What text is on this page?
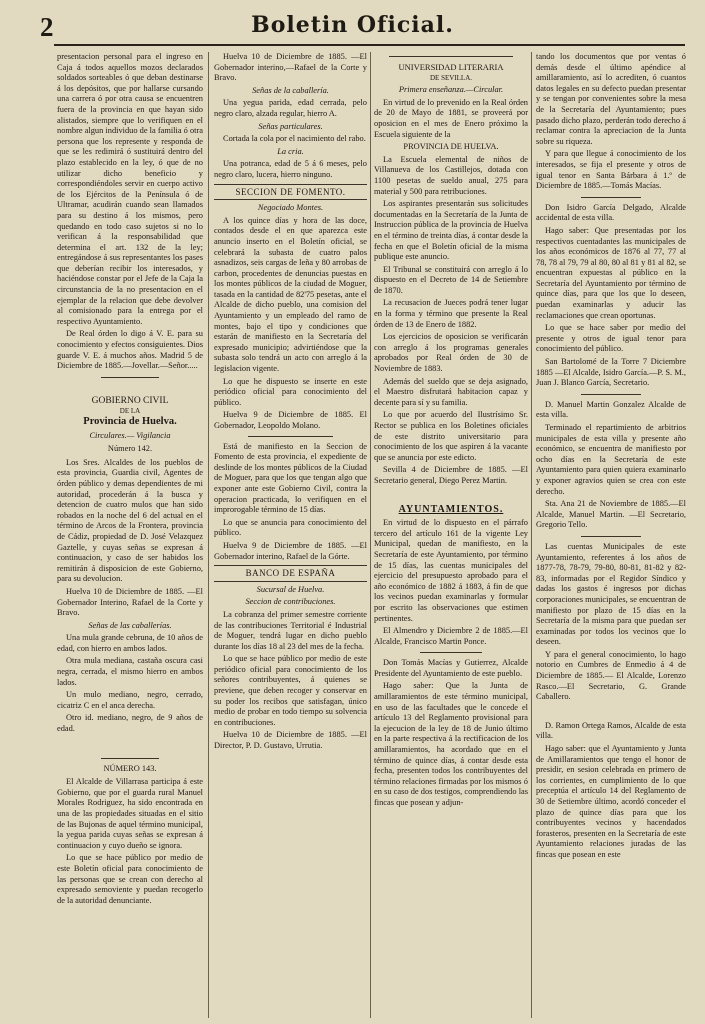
2	Boletin Oficial.

presentacion personal para el ingreso en Caja á todos aquellos mozos declarados soldados sorteables ó que deban destinarse á los depósitos, que por hallarse cursando una carrera ó por otra causa se encuentren fuera de la provincia en que hayan sido alistados, siempre que lo verifiquen en el nombre algun individuo de la familia ó otra persona que los represente y responda de que se les redimirá ó sustituirá dentro del plazo establecido en la ley, ó que de no utilizar dicho beneficio y correspondiéndoles servir en cuerpo activo de los Ejércitos de la Península ó de Ultramar, acudirán cuando sean llamados para su destino á los mismos, pero quedando en todo caso sujetos si no lo verifican á la responsabilidad que determina el art. 132 de la ley; entregándose á sus representantes los pases que deberían recibir los interesados, y haciéndose constar por el Jefe de la Caja la circunstancia de la no presentacion en el ejemplar de la relacion que debe devolver al comisionado para la entrega por el respectivo Ayuntamiento.

De Real órden lo digo á V. E. para su conocimiento y efectos consiguientes. Dios guarde V. E. á muchos años. Madrid 5 de Diciembre de 1885.—Jovellar.—Señor.....

GOBIERNO CIVIL
DE LA
Provincia de Huelva.
Circulares.— Vigilancia
Número 142.

Los Sres. Alcaldes de los pueblos de esta provincia, Guardia civil, Agentes de órden público y demas dependientes de mi autoridad, procederán á la busca y detencion de cuatro mulos que han sido robados en la noche del 6 del actual en el término de Arcos de la Frontera, provincia de Cádiz, propiedad de D. José Velazquez Gaztelle, y cuyas señas se expresan á continuacion, y caso de ser habidos los remitirán á disposicion de este Gobierno, para su devolucion.

Huelva 10 de Diciembre de 1885. —El Gobernador Interino, Rafael de la Corte y Bravo.

Señas de las caballerías.

Una mula grande cebruna, de 10 años de edad, con hierro en ambos lados.

Otra mula mediana, castaña oscura casi negra, cerrada, el mismo hierro en ambos lados.

Un mulo mediano, negro, cerrado, cicatriz C en el anca derecha.

Otro id. mediano, negro, de 9 años de edad.

NÚMERO 143.

El Alcalde de Villarrasa participa á este Gobierno, que por el guarda rural Manuel Morales Rodriguez, ha sido encontrada en una de las propiedades situadas en el sitio de las Bujonas de aquel término municipal, la yegua parida cuyas señas se expresan á continuacion y cuyo dueño se ignora.

Lo que se hace público por medio de este Boletín oficial para conocimiento de las personas que se crean con derecho al expresado semoviente y puedan recogerlo de la autoridad denunciante.

Huelva 10 de Diciembre de 1885. —El Gobernador interino,—Rafael de la Corte y Bravo.

Señas de la caballería.

Una yegua parida, edad cerrada, pelo negro claro, alzada regular, hierro A.

Señas particulares.

Cortada la cola por el nacimiento del rabo.

La cria.

Una potranca, edad de 5 á 6 meses, pelo negro claro, lucera, hierro ninguno.

SECCION DE FOMENTO.
Negociado Montes.

A los quince días y hora de las doce, contados desde el en que aparezca este anuncio inserto en el Boletín oficial, se celebrará la subasta de cuatro palos asnadizos, seis cargas de leña y 80 arrobas de carbon, procedentes de denuncias puestas en los montes públicos de la ciudad de Moguer, tasada en la cantidad de 82'75 pesetas, ante el Alcalde de dicho pueblo, una comision del Ayuntamiento y un empleado del ramo de montes, bajo el tipo y condiciones que estarán de manifiesto en la Secretaría del expresado municipio; advirtiéndose que la subasta solo tendrá un acto con arreglo á la legislacion vigente.

Lo que he dispuesto se inserte en este periódico oficial para conocimiento del público.

Huelva 9 de Diciembre de 1885. El Gobernador, Leopoldo Molano.

Está de manifiesto en la Seccion de Fomento de esta provincia, el expediente de deslinde de los montes públicos de la Ciudad de Moguer, para que los que tengan algo que exponer ante este Gobierno Civil, contra la operacion practicada, lo verifiquen en el improrogable término de 15 días.

Lo que se anuncia para conocimiento del público.

Huelva 9 de Diciembre de 1885. —El Gobernador interino, Rafael de la Górte.

BANCO DE ESPAÑA
Sucursal de Huelva.
Seccion de contribuciones.

La cobranza del primer semestre corriente de las contribuciones Territorial é Industrial de Moguer, tendrá lugar en dicho pueblo durante los días 18 al 23 del mes de la fecha.

Lo que se hace público por medio de este periódico oficial para conocimiento de los señores contribuyentes, á quienes se previene, que deben recoger y conservar en su poder los recibos que satisfagan, único medio de probar en todo tiempo su solvencia en contribuciones.

Huelva 10 de Diciembre de 1885. —El Director, P. D. Gustavo, Urrutia.

UNIVERSIDAD LITERARIA
DE SEVILLA.
Primera enseñanza.—Circular.

En virtud de lo prevenido en la Real órden de 20 de Mayo de 1881, se proveerá por oposicion en el mes de Enero próximo la Escuela siguiente de la

PROVINCIA DE HUELVA.

La Escuela elemental de niños de Villanueva de los Castillejos, dotada con 1100 pesetas de sueldo anual, 275 para material y 500 para retribuciones.

Los aspirantes presentarán sus solicitudes documentadas en la Secretaría de la Junta de Instruccion pública de la provincia de Huelva en el término de treinta días, á contar desde la fecha en que el Boletín oficial de la misma publique este anuncio.

El Tribunal se constituirá con arreglo á lo dispuesto en el Decreto de 14 de Setiembre de 1870.

La recusacion de Jueces podrá tener lugar en la forma y término que presente la Real órden de 13 de Enero de 1882.

Los ejercicios de oposicion se verificarán con arreglo á los programas generales aprobados por Real órden de 30 de Noviembre de 1883.

Además del sueldo que se deja asignado, el Maestro disfrutará habitacion capaz y decente para sí y su familia.

Lo que por acuerdo del Ilustrísimo Sr. Rector se publica en los Boletines oficiales de este distrito universitario para conocimiento de los que aspiren á la vacante que se anuncia por este edicto.

Sevilla 4 de Diciembre de 1885. —El Secretario general, Diego Perez Martin.

AYUNTAMIENTOS.

En virtud de lo dispuesto en el párrafo tercero del artículo 161 de la vigente Ley Municipal, quedan de manifiesto, en la Secretaría de este Ayuntamiento, por término de 15 días, las cuentas municipales del ejercicio del presupuesto aprobado para el año económico de 1882 á 1883, á fin de que los vecinos puedan examinarlas y formular por escrito las observaciones que estimen pertinentes.

El Almendro y Diciembre 2 de 1885.—El Alcalde, Francisco Martin Ponce.

Don Tomás Macías y Gutierrez, Alcalde Presidente del Ayuntamiento de este pueblo.

Hago saber: Que la Junta de amillaramientos de este término municipal, en uso de las facultades que le concede el artículo 13 del Reglamento provisional para la ejecucion de la ley de 18 de Junio último en la parte respectiva á la rectificacion de los amillaramientos, ha acordado que en el término de quince días, á contar desde esta fecha, presenten todos los contribuyentes del término relaciones firmadas por los mismos ó en su caso de dos testigos, comprendiendo las fincas que posean y adjun-

tando los documentos que por ventas ó demás desde el último apéndice al amillaramiento, así lo acrediten, ó cuantos datos legales en su defecto puedan presentar y se tengan por convenientes sobre la mesa de la Secretaría del Ayuntamiento; pues pasado dicho plazo, perderán todo derecho á reclamar contra la apreciacion de la Junta sobre su riqueza.

Y para que llegue á conocimiento de los interesados, se fija el presente y otros de igual tenor en Santa Bárbara á 1.º de Diciembre de 1885.—Tomás Macías.

Don Isidro García Delgado, Alcalde accidental de esta villa.

Hago saber: Que presentadas por los respectivos cuentadantes las municipales de los años económicos de 1876 al 77, 77 al 78, 78 al 79, 79 al 80, 80 al 81 y 81 al 82, se encuentran expuestas al público en la Secretaría del Ayuntamiento por término de quince días, para que los que lo deseen, puedan examinarlas y aducir las reclamaciones que crean oportunas.

Lo que se hace saber por medio del presente y otros de igual tenor para conocimiento del público.

San Bartolomé de la Torre 7 Diciembre 1885 —El Alcalde, Isidro García.—P. S. M., Juan J. Blanco García, Secretario.

D. Manuel Martin Gonzalez Alcalde de esta villa.

Terminado el repartimiento de arbitrios municipales de esta villa y presente año económico, se encuentra de manifiesto por ocho días en la Secretaría de este Ayuntamiento para quien quiera examinarlo y exponer agravios quien se crea con este derecho.

Sta. Ana 21 de Noviembre de 1885.—El Alcalde, Manuel Martin. —El Secretario, Gregorio Tello.

Las cuentas Municipales de este Ayuntamiento, referentes á los años de 1877-78, 78-79, 79-80, 80-81, 81-82 y 82-83, informadas por el Regidor Síndico y dadas los gastos é ingresos por dichas corporaciones municipales, se encuentran de manifiesto por plazo de 15 días en la Secretaría de la misma para que puedan ser examinadas por todos los vecinos que lo deseen.

Y para el general conocimiento, lo hago notorio en Cumbres de Enmedio á 4 de Diciembre de 1885.— El Alcalde, Lorenzo Rasco.—El Secretario, G. Grande Caballero.

D. Ramon Ortega Ramos, Alcalde de esta villa.

Hago saber: que el Ayuntamiento y Junta de Amillaramientos que tengo el honor de presidir, en sesion celebrada en primero de los corrientes, en cumplimiento de lo que preceptúa el artículo 14 del Reglamento de 30 de Setiembre último, acordó conceder el plazo de quince días para que los contribuyentes vecinos y hacendados forasteros, presenten en la Secretaría de este Ayuntamiento relaciones juradas de las fincas que posean en este
